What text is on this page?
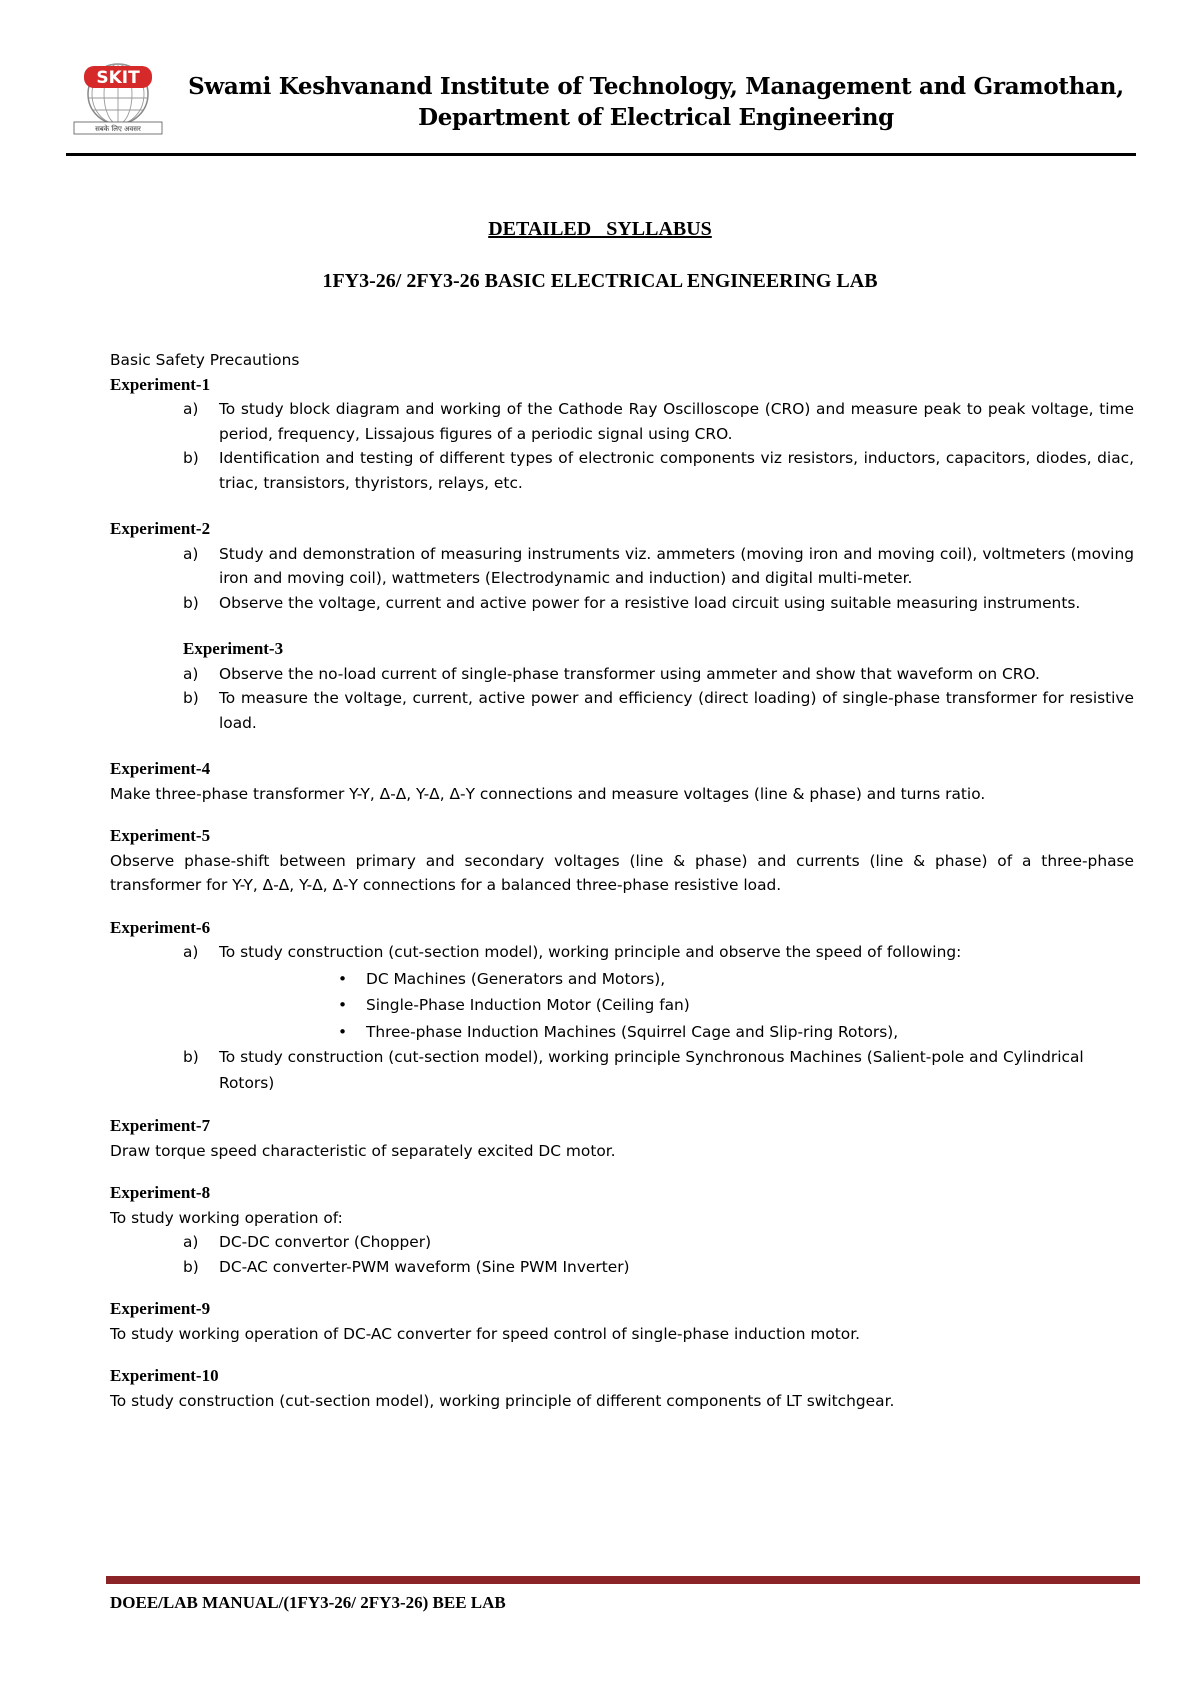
SKIT
सबके लिए अवसर
Swami Keshvanand Institute of Technology, Management and Gramothan,
Department of Electrical Engineering
DETAILED SYLLABUS
1FY3-26/ 2FY3-26 BASIC ELECTRICAL ENGINEERING LAB

Basic Safety Precautions

Experiment-1

a) To study block diagram and working of the Cathode Ray Oscilloscope (CRO) and measure peak to peak voltage, time period, frequency, Lissajous figures of a periodic signal using CRO.
b) Identification and testing of different types of electronic components viz resistors, inductors, capacitors, diodes, diac, triac, transistors, thyristors, relays, etc.

Experiment-2

a) Study and demonstration of measuring instruments viz. ammeters (moving iron and moving coil), voltmeters (moving iron and moving coil), wattmeters (Electrodynamic and induction) and digital multi-meter.
b) Observe the voltage, current and active power for a resistive load circuit using suitable measuring instruments.

Experiment-3

a) Observe the no-load current of single-phase transformer using ammeter and show that waveform on CRO.
b) To measure the voltage, current, active power and efficiency (direct loading) of single-phase transformer for resistive load.

Experiment-4

Make three-phase transformer Y-Y, Δ-Δ, Y-Δ, Δ-Y connections and measure voltages (line & phase) and turns ratio.

Experiment-5

Observe phase-shift between primary and secondary voltages (line & phase) and currents (line & phase) of a three-phase transformer for Y-Y, Δ-Δ, Y-Δ, Δ-Y connections for a balanced three-phase resistive load.

Experiment-6

a) To study construction (cut-section model), working principle and observe the speed of following:
• DC Machines (Generators and Motors),
• Single-Phase Induction Motor (Ceiling fan)
• Three-phase Induction Machines (Squirrel Cage and Slip-ring Rotors),
b) To study construction (cut-section model), working principle Synchronous Machines (Salient-pole and Cylindrical Rotors)

Experiment-7

Draw torque speed characteristic of separately excited DC motor.

Experiment-8

To study working operation of:

a) DC-DC convertor (Chopper)
b) DC-AC converter-PWM waveform (Sine PWM Inverter)

Experiment-9

To study working operation of DC-AC converter for speed control of single-phase induction motor.

Experiment-10

To study construction (cut-section model), working principle of different components of LT switchgear.

DOEE/LAB MANUAL/(1FY3-26/ 2FY3-26) BEE LAB
